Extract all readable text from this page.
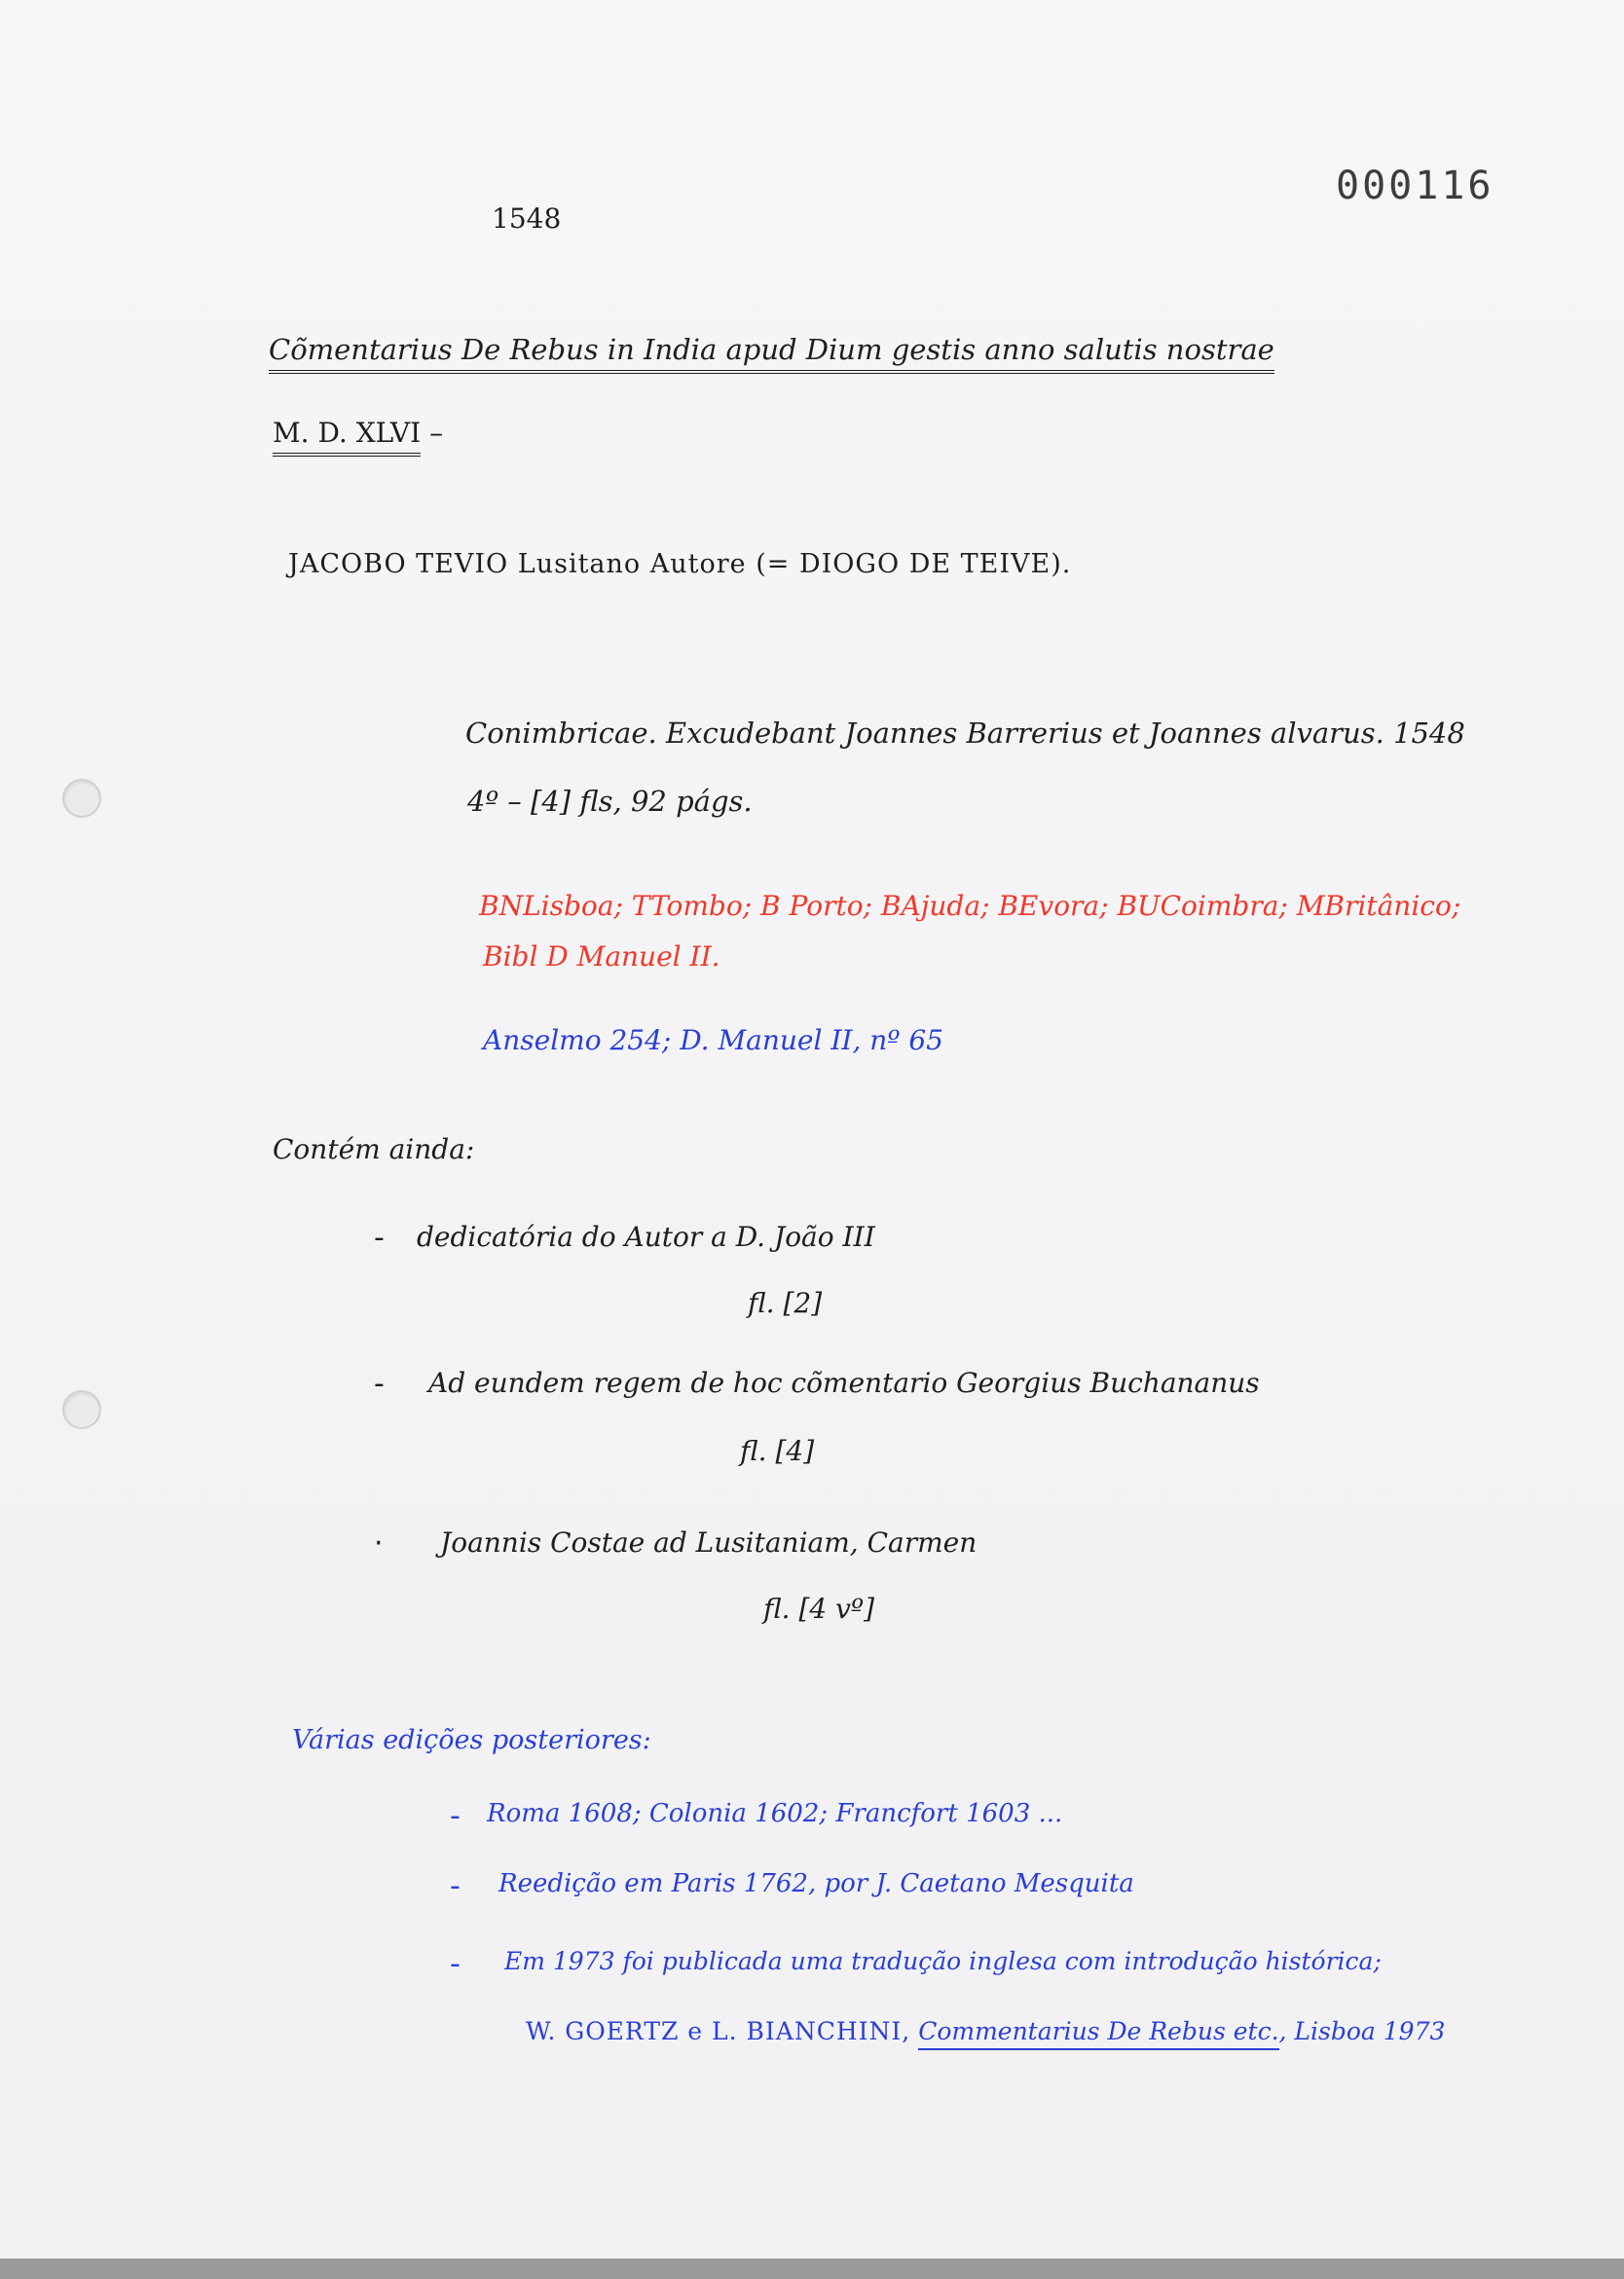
000116
1548
Cõmentarius De Rebus in India apud Dium gestis anno salutis nostrae
M. D. XLVI –
JACOBO TEVIO Lusitano Autore (= DIOGO DE TEIVE).
Conimbricae. Excudebant Joannes Barrerius et Joannes alvarus. 1548
4º – [4] fls, 92 págs.
BNLisboa; TTombo; B Porto; BAjuda; BEvora; BUCoimbra; MBritânico;
Bibl D Manuel II.
Anselmo 254; D. Manuel II, nº 65
Contém ainda:
- dedicatória do Autor a D. João III
fl. [2]
- Ad eundem regem de hoc cõmentario Georgius Buchananus
fl. [4]
· Joannis Costae ad Lusitaniam, Carmen
fl. [4 vº]
Várias edições posteriores:
- Roma 1608; Colonia 1602; Francfort 1603 ...
- Reedição em Paris 1762, por J. Caetano Mesquita
- Em 1973 foi publicada uma tradução inglesa com introdução histórica;
W. GOERTZ e L. BIANCHINI, Commentarius De Rebus etc., Lisboa 1973
